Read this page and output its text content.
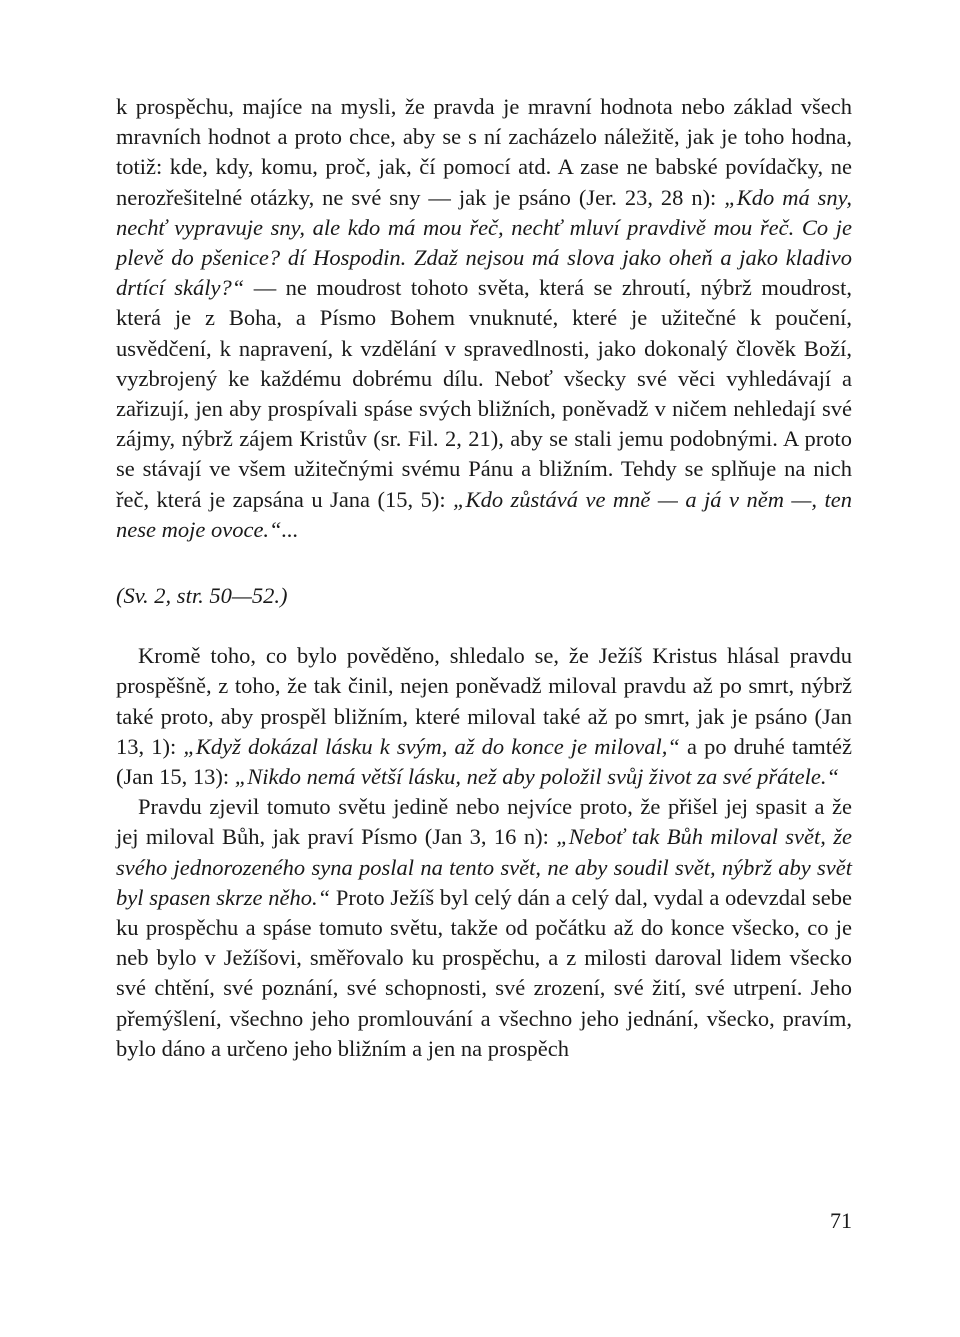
k prospěchu, majíce na mysli, že pravda je mravní hodnota nebo základ všech mravních hodnot a proto chce, aby se s ní zacházelo náležitě, jak je toho hodna, totiž: kde, kdy, komu, proč, jak, čí pomocí atd. A zase ne babské povídačky, ne nerozřešitelné otázky, ne své sny — jak je psáno (Jer. 23, 28 n): „Kdo má sny, nechť vypravuje sny, ale kdo má mou řeč, nechť mluví pravdivě mou řeč. Co je plevě do pšenice? dí Hospodin. Zdaž nejsou má slova jako oheň a jako kladivo drtící skály?“ — ne moudrost tohoto světa, která se zhroutí, nýbrž moudrost, která je z Boha, a Písmo Bohem vnuknuté, které je užitečné k poučení, usvědčení, k napravení, k vzdělání v spravedlnosti, jako dokonalý člověk Boží, vyzbrojený ke každému dobrému dílu. Neboť všecky své věci vyhledávají a zařizují, jen aby prospívali spáse svých bližních, poněvadž v ničem nehledají své zájmy, nýbrž zájem Kristův (sr. Fil. 2, 21), aby se stali jemu podobnými. A proto se stávají ve všem užitečnými svému Pánu a bližním. Tehdy se splňuje na nich řeč, která je zapsána u Jana (15, 5): „Kdo zůstává ve mně — a já v něm —, ten nese moje ovoce.“...

(Sv. 2, str. 50—52.)

Kromě toho, co bylo pověděno, shledalo se, že Ježíš Kristus hlásal pravdu prospěšně, z toho, že tak činil, nejen poněvadž miloval pravdu až po smrt, nýbrž také proto, aby prospěl bližním, které miloval také až po smrt, jak je psáno (Jan 13, 1): „Když dokázal lásku k svým, až do konce je miloval,“ a po druhé tamtéž (Jan 15, 13): „Nikdo nemá větší lásku, než aby položil svůj život za své přátele.“

Pravdu zjevil tomuto světu jedině nebo nejvíce proto, že přišel jej spasit a že jej miloval Bůh, jak praví Písmo (Jan 3, 16 n): „Neboť tak Bůh miloval svět, že svého jednorozeného syna poslal na tento svět, ne aby soudil svět, nýbrž aby svět byl spasen skrze něho.“ Proto Ježíš byl celý dán a celý dal, vydal a odevzdal sebe ku prospěchu a spáse tomuto světu, takže od počátku až do konce všecko, co je neb bylo v Ježíšovi, směřovalo ku prospěchu, a z milosti daroval lidem všecko své chtění, své poznání, své schopnosti, své zrození, své žití, své utrpení. Jeho přemýšlení, všechno jeho promlouvání a všechno jeho jednání, všecko, pravím, bylo dáno a určeno jeho bližním a jen na prospěch

71
